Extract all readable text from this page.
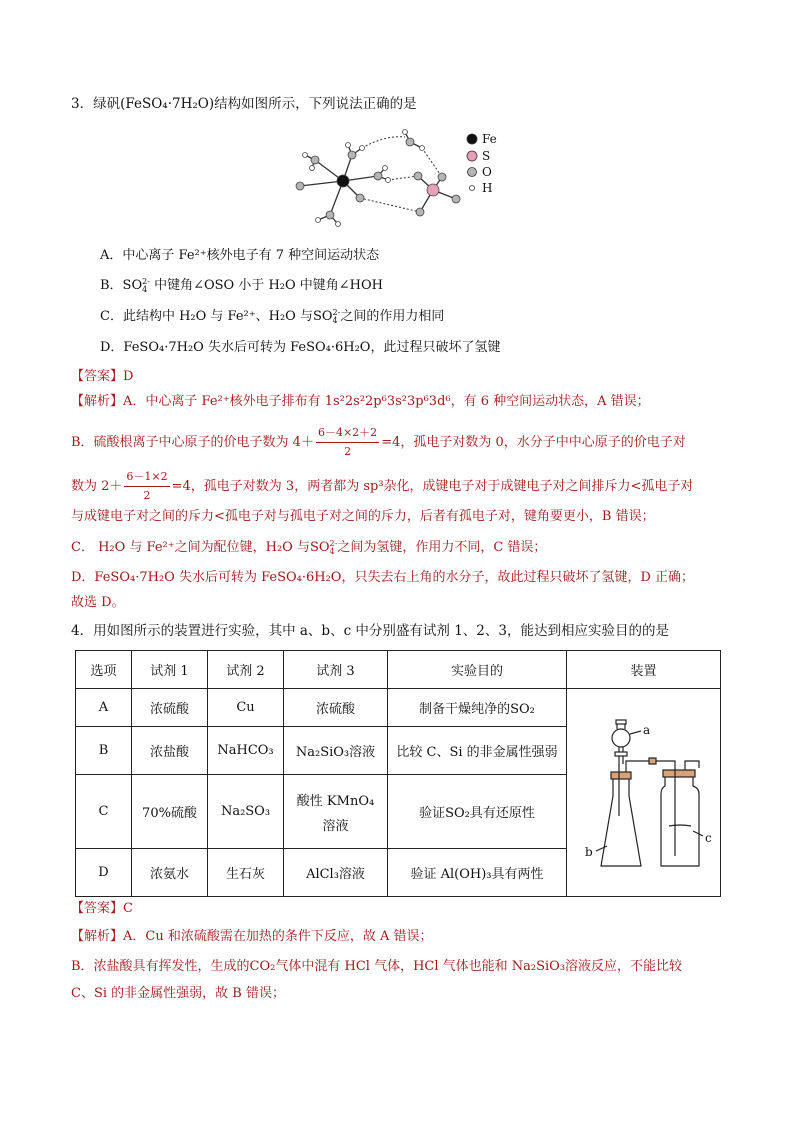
3．绿矾(FeSO₄·7H₂O)结构如图所示，下列说法正确的是
Fe
S
O
H
A．中心离子 Fe²⁺核外电子有 7 种空间运动状态
B．SO 2-
4 中键角∠OSO 小于 H₂O 中键角∠HOH
C．此结构中 H₂O 与 Fe²⁺、H₂O 与SO 2-
4 之间的作用力相同
D．FeSO₄·7H₂O 失水后可转为 FeSO₄·6H₂O，此过程只破坏了氢键
【答案】D
【解析】A．中心离子 Fe²⁺核外电子排布有 1s²2s²2p⁶3s²3p⁶3d⁶，有 6 种空间运动状态，A 错误；
B．硫酸根离子中心原子的价电子数为 $4+ \frac{6-4\times 2+2}{2} =4$，孤电子对数为 0，水分子中中心原子的价电子对
数为 $2+ \frac{6-1\times 2}{2} =4$，孤电子对数为 3，两者都为 sp³杂化，成键电子对于成键电子对之间排斥力<孤电子对
与成键电子对之间的斥力<孤电子对与孤电子对之间的斥力，后者有孤电子对，键角要更小，B 错误；
C． H₂O 与 Fe²⁺之间为配位键，H₂O 与SO 2-
4 之间为氢键，作用力不同，C 错误；
D．FeSO₄·7H₂O 失水后可转为 FeSO₄·6H₂O，只失去右上角的水分子，故此过程只破坏了氢键，D 正确；
故选 D。
4．用如图所示的装置进行实验，其中 a、b、c 中分别盛有试剂 1、2、3，能达到相应实验目的的是
选项	试剂 1	试剂 2	试剂 3	实验目的	装置
A	浓硫酸	Cu	浓硫酸	制备干燥纯净的SO₂	a
b
c

B	浓盐酸	NaHCO₃	Na₂SiO₃溶液	比较 C、Si 的非金属性强弱	
C	70%硫酸	Na₂SO₃	酸性 KMnO₄
溶液	验证SO₂具有还原性	
D	浓氨水	生石灰	AlCl₃溶液	验证 Al(OH)₃具有两性	
【答案】C
【解析】A．Cu 和浓硫酸需在加热的条件下反应，故 A 错误；
B．浓盐酸具有挥发性，生成的CO₂气体中混有 HCl 气体，HCl 气体也能和 Na₂SiO₃溶液反应，不能比较
C、Si 的非金属性强弱，故 B 错误；
